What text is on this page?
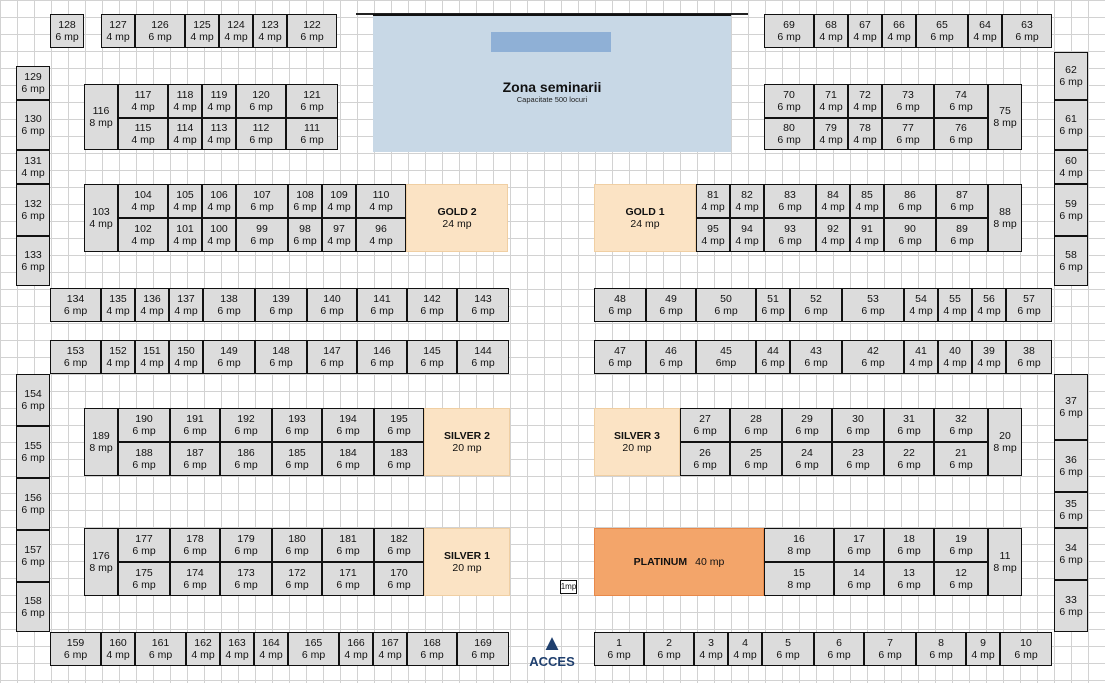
Zona seminarii
Capacitate 500 locuri
▲
ACCES
128
6 mp
127
4 mp
126
6 mp
125
4 mp
124
4 mp
123
4 mp
122
6 mp
69
6 mp
68
4 mp
67
4 mp
66
4 mp
65
6 mp
64
4 mp
63
6 mp
129
6 mp
130
6 mp
131
4 mp
132
6 mp
133
6 mp
62
6 mp
61
6 mp
60
4 mp
59
6 mp
58
6 mp
116
8 mp
117
4 mp
118
4 mp
119
4 mp
120
6 mp
121
6 mp
115
4 mp
114
4 mp
113
4 mp
112
6 mp
111
6 mp
70
6 mp
71
4 mp
72
4 mp
73
6 mp
74
6 mp	75
8 mp
80
6 mp
79
4 mp
78
4 mp
77
6 mp
76
6 mp
103
4 mp
104
4 mp
105
4 mp
106
4 mp
107
6 mp
108
6 mp
109
4 mp
110
4 mp
102
4 mp
101
4 mp
100
4 mp
99
6 mp
98
6 mp
97
4 mp
96
4 mp
GOLD 2
24 mp
GOLD 1
24 mp
81
4 mp
82
4 mp
83
6 mp
84
4 mp
85
4 mp
86
6 mp
87
6 mp 88
8 mp
95
4 mp
94
4 mp
93
6 mp
92
4 mp
91
4 mp
90
6 mp
89
6 mp
134
6 mp
135
4 mp
136
4 mp
137
4 mp
138
6 mp
139
6 mp
140
6 mp
141
6 mp
142
6 mp
143
6 mp
48
6 mp
49
6 mp
50
6 mp
51
6 mp
52
6 mp
53
6 mp
54
4 mp
55
4 mp
56
4 mp
57
6 mp
153
6 mp
152
4 mp
151
4 mp
150
4 mp
149
6 mp
148
6 mp
147
6 mp
146
6 mp
145
6 mp
144
6 mp
47
6 mp
46
6 mp
45
6mp
44
6 mp
43
6 mp
42
6 mp
41
4 mp
40
4 mp
39
4 mp
38
6 mp
154
6 mp
155
6 mp
156
6 mp
157
6 mp
158
6 mp
37
6 mp
36
6 mp
35
6 mp
34
6 mp
33
6 mp
189
8 mp
190
6 mp
191
6 mp
192
6 mp
193
6 mp
194
6 mp
195
6 mp
188
6 mp
187
6 mp
186
6 mp
185
6 mp
184
6 mp
183
6 mp
SILVER 2
20 mp
SILVER 3
20 mp
27
6 mp
28
6 mp
29
6 mp
30
6 mp
31
6 mp
32
6 mp	20
8 mp
26
6 mp
25
6 mp
24
6 mp
23
6 mp
22
6 mp
21
6 mp
176
8 mp
177
6 mp
178
6 mp
179
6 mp
180
6 mp
181
6 mp
182
6 mp
175
6 mp
174
6 mp
173
6 mp
172
6 mp
171
6 mp
170
6 mp
SILVER 1
20 mp	PLATINUM 40 mp
1mp
16
8 mp
17
6 mp
18
6 mp
19
6 mp	11
8 mp
15
8 mp
14
6 mp
13
6 mp
12
6 mp
159
6 mp
160
4 mp
161
6 mp
162
4 mp
163
4 mp
164
4 mp
165
6 mp
166
4 mp
167
4 mp
168
6 mp
169
6 mp
1
6 mp
2
6 mp
3
4 mp
4
4 mp
5
6 mp
6
6 mp
7
6 mp
8
6 mp
9
4 mp
10
6 mp
